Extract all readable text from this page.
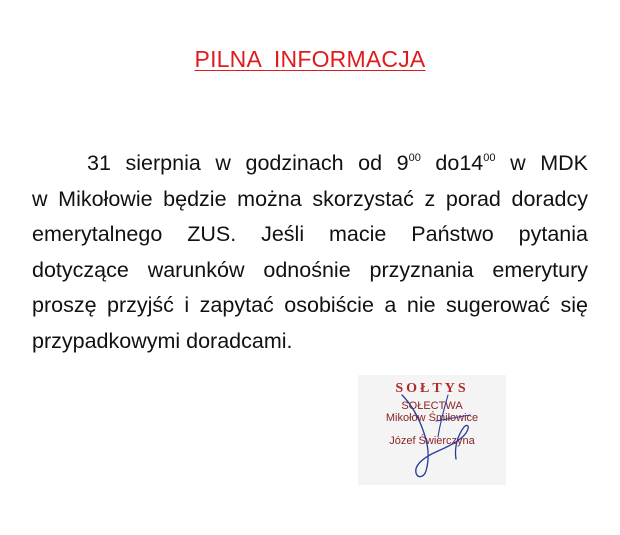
PILNA  INFORMACJA

31 sierpnia w godzinach od $9^{00}$ $do14^{00}$ w MDK
w Mikołowie będzie można skorzystać z porad doradcy
emerytalnego ZUS. Jeśli macie Państwo pytania
dotyczące warunków odnośnie przyznania emerytury
proszę przyjść i zapytać osobiście a nie sugerować się
przypadkowymi doradcami.

SOŁTYS
SOŁECTWA
Mikołów Śmiłowice
Józef Świerczyna
